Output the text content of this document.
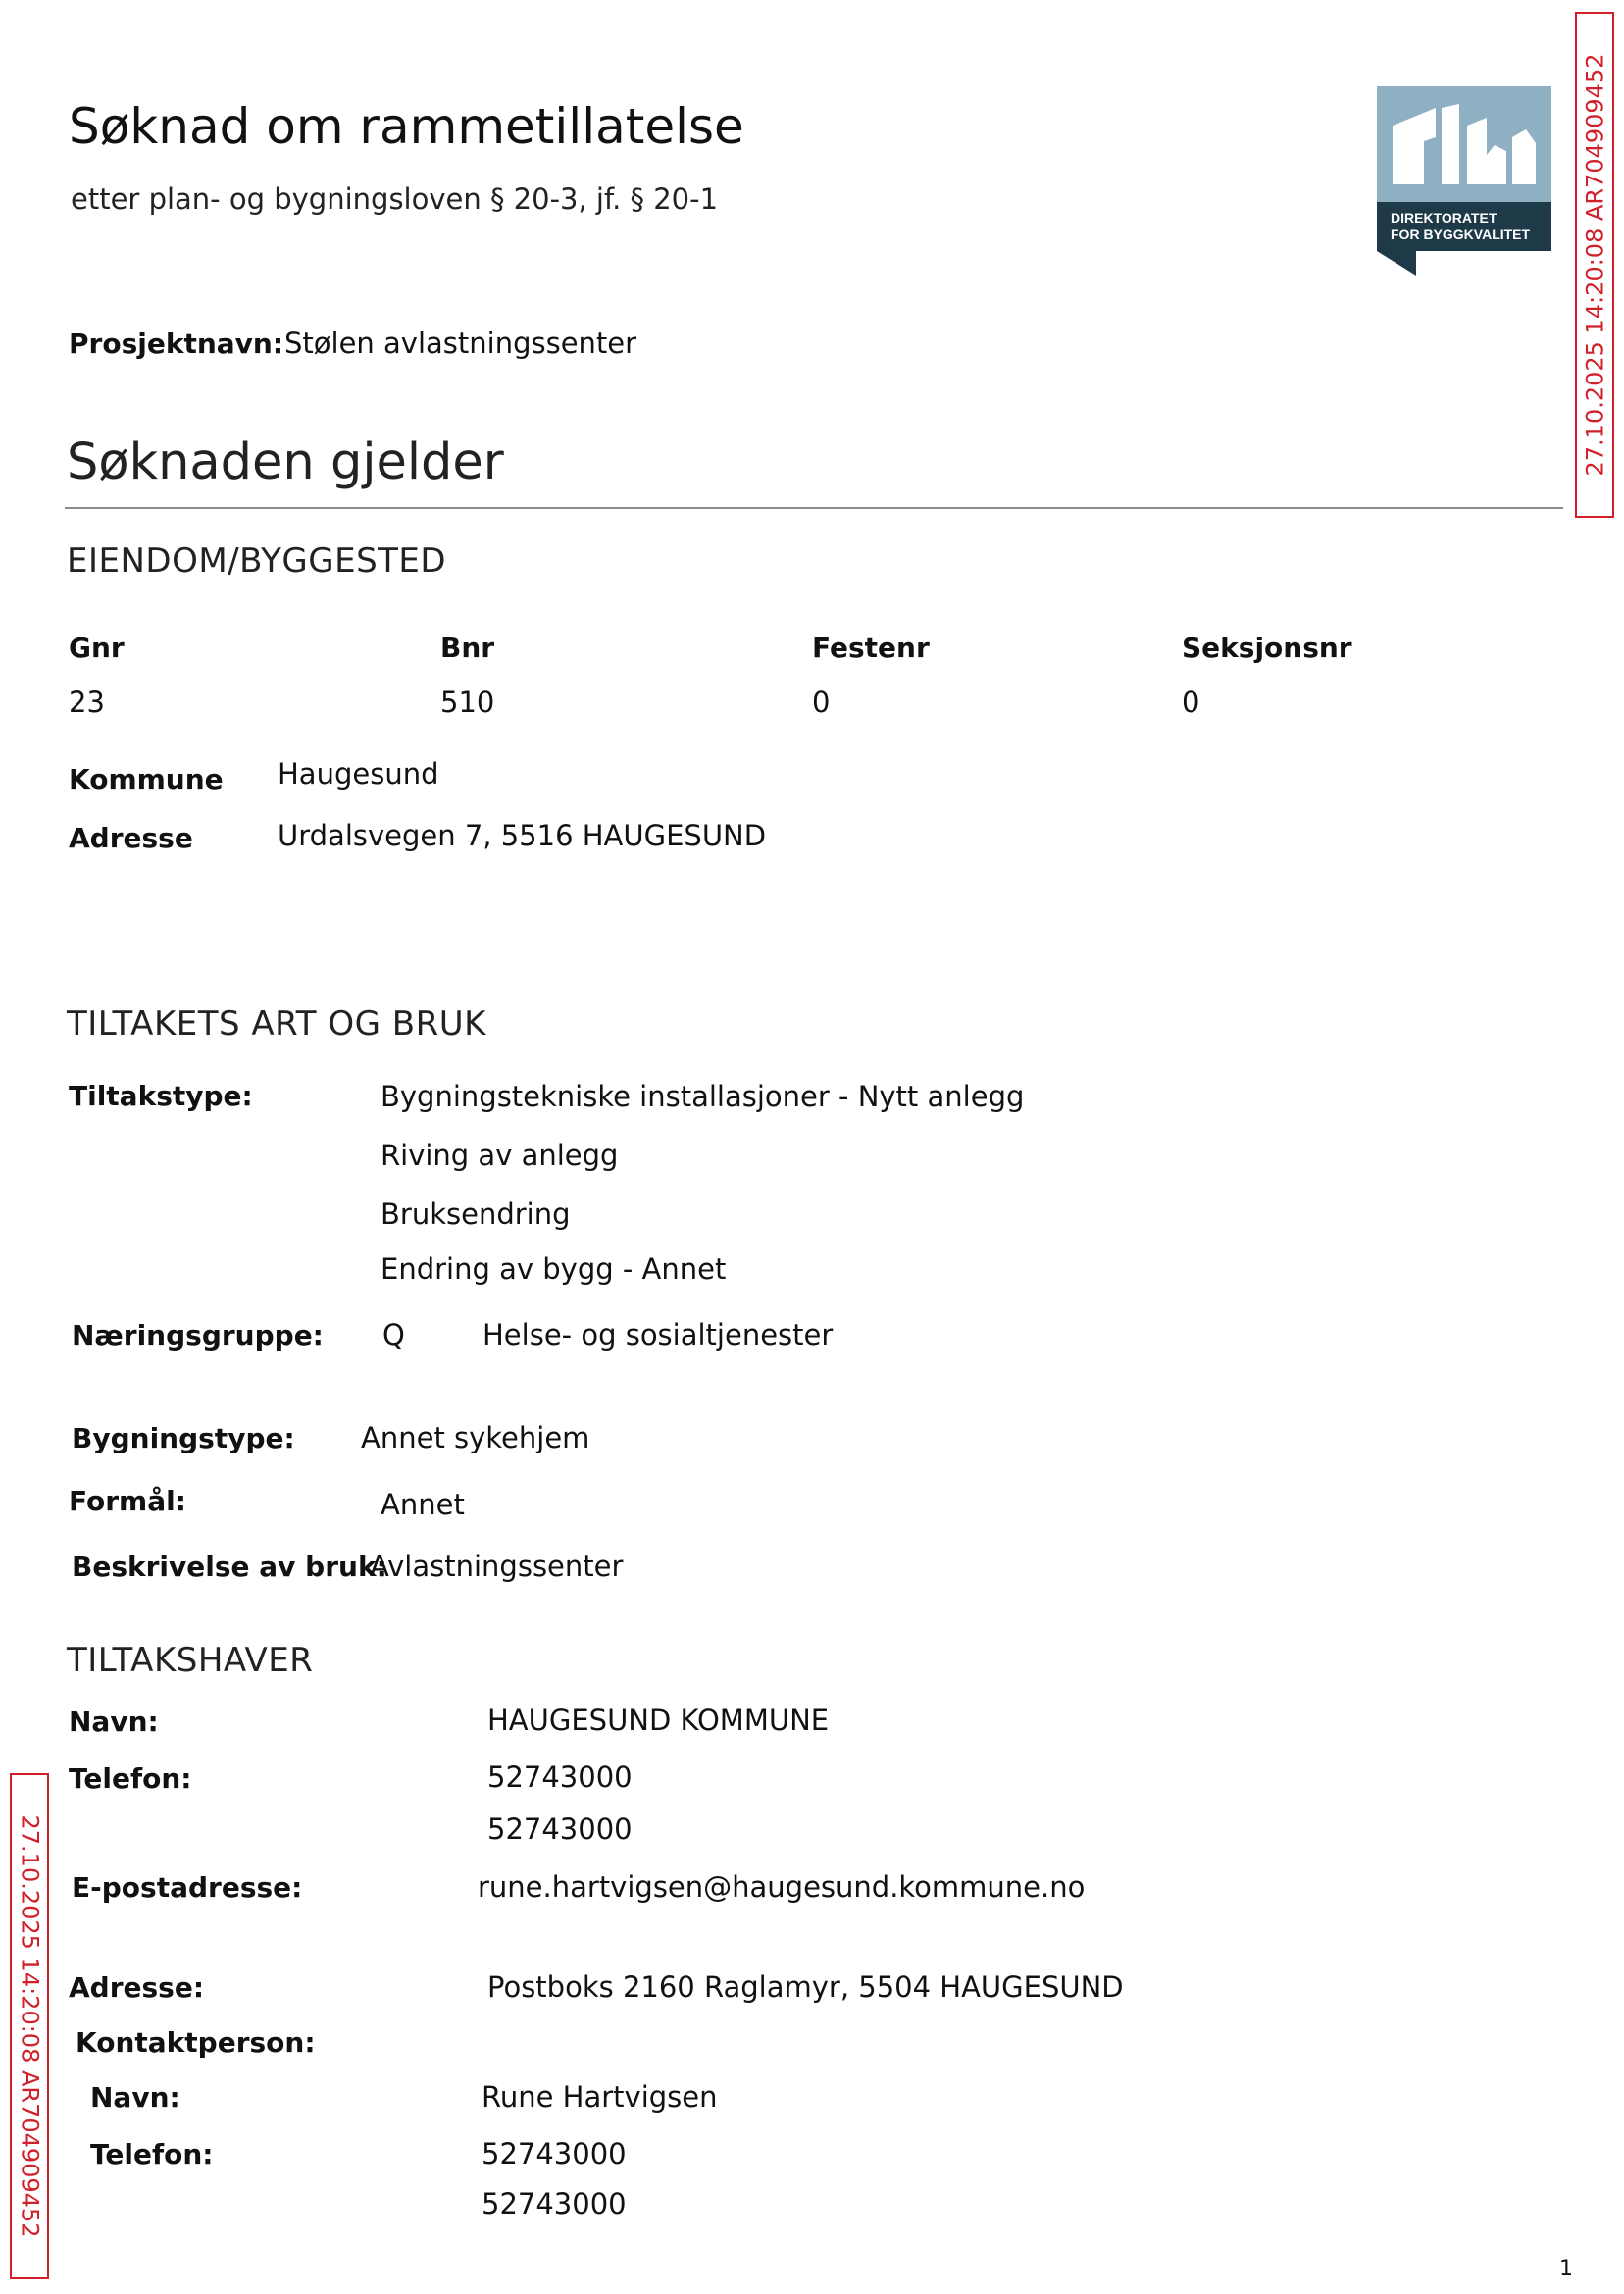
Søknad om rammetillatelse
etter plan- og bygningsloven § 20-3, jf. § 20-1
DIREKTORATET
FOR BYGGKVALITET 27.10.2025 14:20:08 AR704909452
27.10.2025 14:20:08 AR704909452
Prosjektnavn: Stølen avlastningssenter
Søknaden gjelder
EIENDOM/BYGGESTED
Gnr	Bnr	Festenr	Seksjonsnr
23	510	0	0
Kommune Haugesund
Adresse	Urdalsvegen 7, 5516 HAUGESUND
TILTAKETS ART OG BRUK
Tiltakstype:	Bygningstekniske installasjoner - Nytt anlegg
Riving av anlegg
Bruksendring
Endring av bygg - Annet
Næringsgruppe: Q	Helse- og sosialtjenester
Bygningstype: Annet sykehjem
Formål:	Annet
Beskrivelse av bruk:
Avlastningssenter
TILTAKSHAVER
Navn:	HAUGESUND KOMMUNE
Telefon:	52743000
52743000
E-postadresse:	rune.hartvigsen@haugesund.kommune.no
Adresse:	Postboks 2160 Raglamyr, 5504 HAUGESUND
Kontaktperson:
Navn:	Rune Hartvigsen
Telefon:	52743000
52743000
1
